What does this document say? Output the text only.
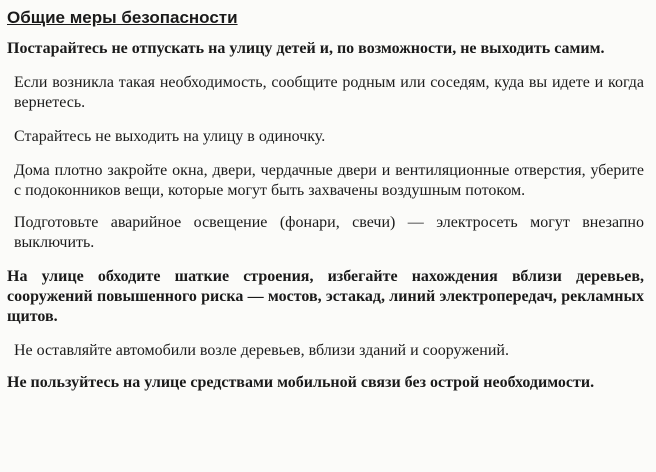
Общие меры безопасности

Постарайтесь не отпускать на улицу детей и, по возможности, не выходить самим.

Если возникла такая необходимость, сообщите родным или соседям, куда вы идете и когда вернетесь.

Старайтесь не выходить на улицу в одиночку.

Дома плотно закройте окна, двери, чердачные двери и вентиляционные отверстия, уберите с подоконников вещи, которые могут быть захвачены воздушным потоком.

Подготовьте аварийное освещение (фонари, свечи) — электросеть могут внезапно выключить.

На улице обходите шаткие строения, избегайте нахождения вблизи деревьев, сооружений повышенного риска — мостов, эстакад, линий электропередач, рекламных щитов.

Не оставляйте автомобили возле деревьев, вблизи зданий и сооружений.

Не пользуйтесь на улице средствами мобильной связи без острой необходимости.
